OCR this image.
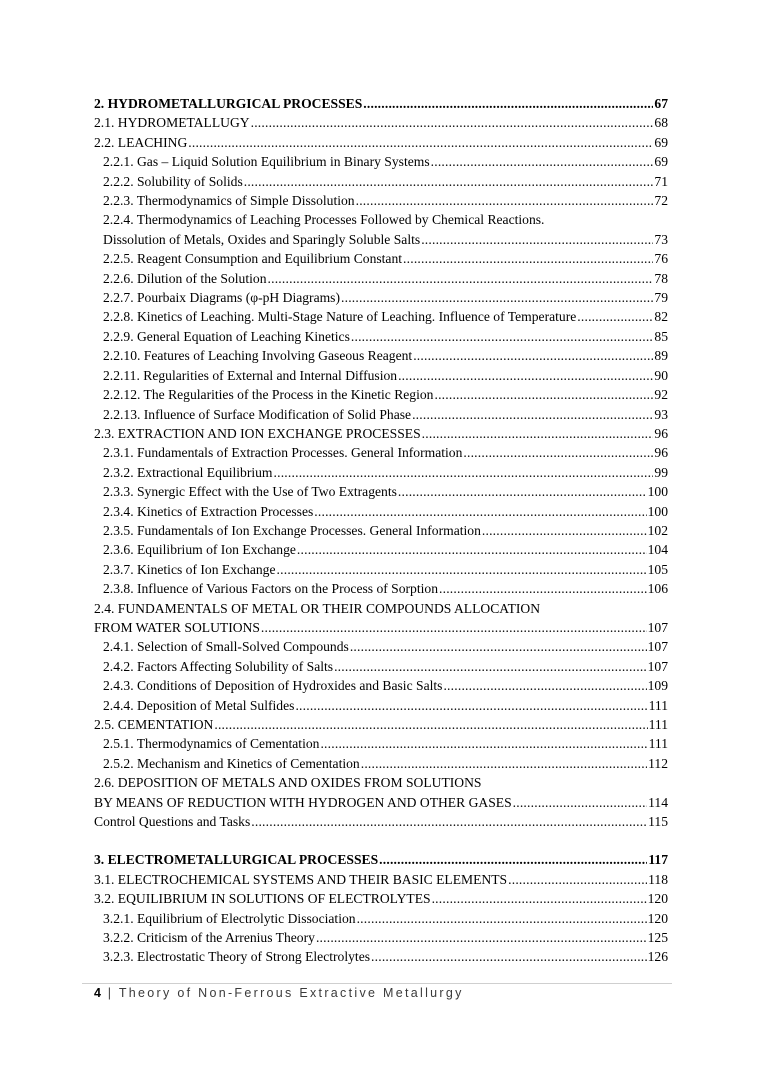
2. HYDROMETALLURGICAL PROCESSES . . .	67
2.1. HYDROMETALLUGY . . .	68
2.2. LEACHING . . .	69
2.2.1. Gas – Liquid Solution Equilibrium in Binary Systems . . .	69
2.2.2. Solubility of Solids . . .	71
2.2.3. Thermodynamics of Simple Dissolution . . .	72
2.2.4. Thermodynamics of Leaching Processes Followed by Chemical Reactions.
Dissolution of Metals, Oxides and Sparingly Soluble Salts . . .	73
2.2.5. Reagent Consumption and Equilibrium Constant . . .	76
2.2.6. Dilution of the Solution . . .	78
2.2.7. Pourbaix Diagrams (φ-pH Diagrams) . . .	79
2.2.8. Kinetics of Leaching. Multi-Stage Nature of Leaching. Influence of Temperature . . .	82
2.2.9. General Equation of Leaching Kinetics . . .	85
2.2.10. Features of Leaching Involving Gaseous Reagent . . .	89
2.2.11. Regularities of External and Internal Diffusion . . .	90
2.2.12. The Regularities of the Process in the Kinetic Region . . .	92
2.2.13. Influence of Surface Modification of Solid Phase . . .	93
2.3. EXTRACTION AND ION EXCHANGE PROCESSES . . .	96
2.3.1. Fundamentals of Extraction Processes. General Information . . .	96
2.3.2. Extractional Equilibrium . . .	99
2.3.3. Synergic Effect with the Use of Two Extragents . . .	100
2.3.4. Kinetics of Extraction Processes . . .	100
2.3.5. Fundamentals of Ion Exchange Processes. General Information . . .	102
2.3.6. Equilibrium of Ion Exchange . . .	104
2.3.7. Kinetics of Ion Exchange . . .	105
2.3.8. Influence of Various Factors on the Process of Sorption . . .	106
2.4. FUNDAMENTALS OF METAL OR THEIR COMPOUNDS ALLOCATION
FROM WATER SOLUTIONS . . .	107
2.4.1. Selection of Small-Solved Compounds . . .	107
2.4.2. Factors Affecting Solubility of Salts . . .	107
2.4.3. Conditions of Deposition of Hydroxides and Basic Salts . . .	109
2.4.4. Deposition of Metal Sulfides . . .	111
2.5. CEMENTATION . . .	111
2.5.1. Thermodynamics of Cementation . . .	111
2.5.2. Mechanism and Kinetics of Cementation . . .	112
2.6. DEPOSITION OF METALS AND OXIDES FROM SOLUTIONS
BY MEANS OF REDUCTION WITH HYDROGEN AND OTHER GASES . . .	114
Control Questions and Tasks . . .	115
3. ELECTROMETALLURGICAL PROCESSES . . .	117
3.1. ELECTROCHEMICAL SYSTEMS AND THEIR BASIC ELEMENTS . . .	118
3.2. EQUILIBRIUM IN SOLUTIONS OF ELECTROLYTES . . .	120
3.2.1. Equilibrium of Electrolytic Dissociation . . .	120
3.2.2. Criticism of the Arrenius Theory . . .	125
3.2.3. Electrostatic Theory of Strong Electrolytes . . .	126
4 | Theory of Non-Ferrous Extractive Metallurgy
